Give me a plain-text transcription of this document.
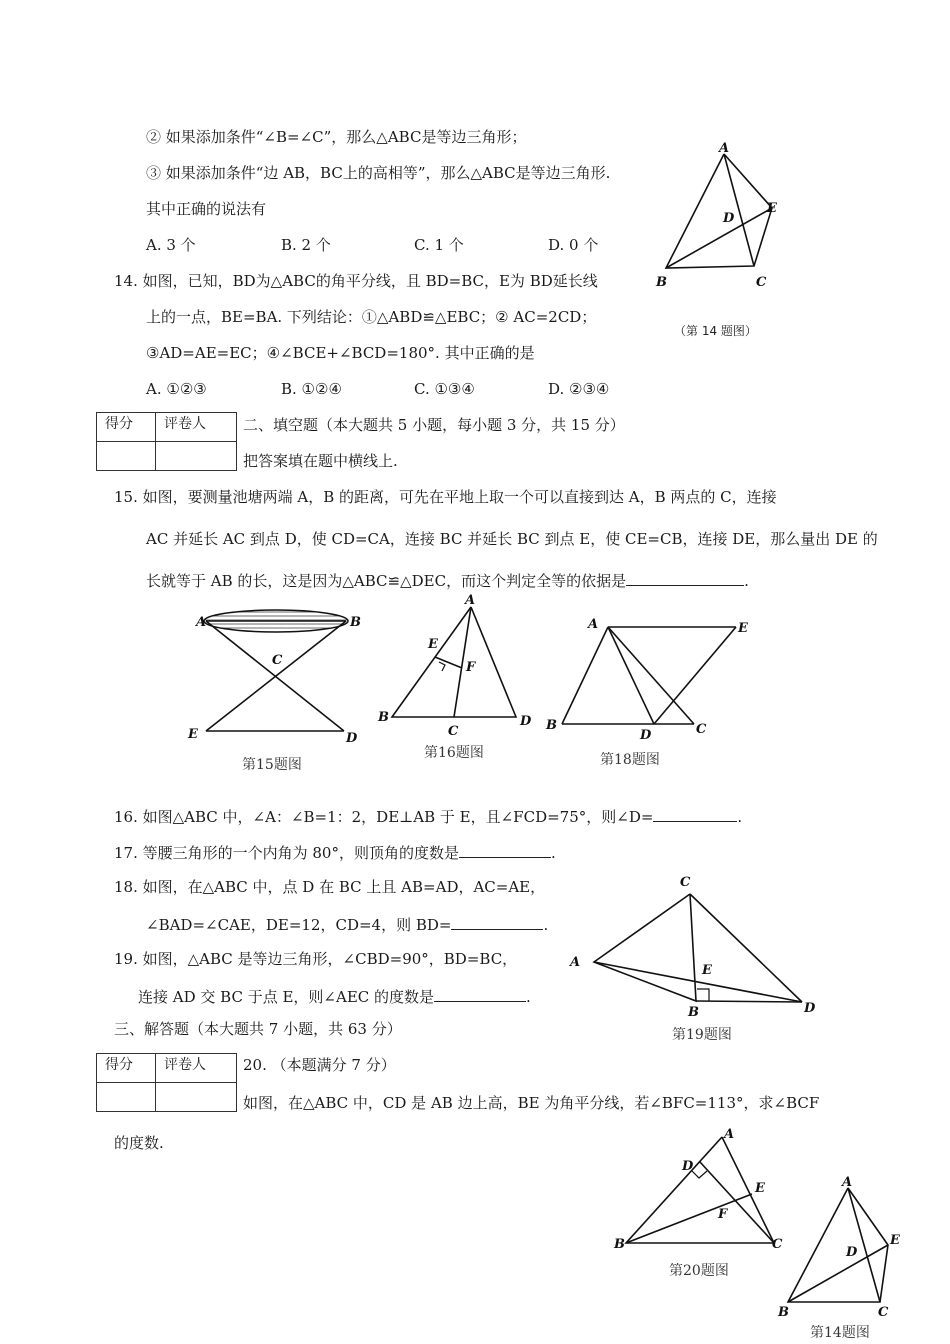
② 如果添加条件“∠B=∠C”，那么△ABC是等边三角形；
③ 如果添加条件“边 AB，BC上的高相等”，那么△ABC是等边三角形.
其中正确的说法有
A. 3 个	B. 2 个	C. 1 个	D. 0 个
14. 如图，已知，BD为△ABC的角平分线，且 BD=BC，E为 BD延长线
上的一点，BE=BA. 下列结论：①△ABD≌△EBC；② AC=2CD；
③AD=AE=EC；④∠BCE+∠BCD=180°. 其中正确的是
A. ①②③	B. ①②④	C. ①③④	D. ②③④
A
B	C
D
E
（第 14 题图）
得分	评卷人
	二、填空题（本大题共 5 小题，每小题 3 分，共 15 分）
把答案填在题中横线上.
15. 如图，要测量池塘两端 A，B 的距离，可先在平地上取一个可以直接到达 A，B 两点的 C，连接
AC 并延长 AC 到点 D，使 CD=CA，连接 BC 并延长 BC 到点 E，使 CE=CB，连接 DE，那么量出 DE 的
长就等于 AB 的长，这是因为△ABC≌△DEC，而这个判定全等的依据是	.
A	B
C
E	D
第15题图
A
B
C
D
E
F
第16题图
A	E
B
D	C
第18题图
16. 如图△ABC 中，∠A：∠B=1：2，DE⊥AB 于 E，且∠FCD=75°，则∠D=	.
17. 等腰三角形的一个内角为 80°，则顶角的度数是	.
18. 如图，在△ABC 中，点 D 在 BC 上且 AB=AD，AC=AE，
∠BAD=∠CAE，DE=12，CD=4，则 BD=	.
19. 如图，△ABC 是等边三角形，∠CBD=90°，BD=BC，
连接 AD 交 BC 于点 E，则∠AEC 的度数是	.
C
A
E
B	D
第19题图
三、解答题（本大题共 7 小题，共 63 分）
得分	评卷人
	20. （本题满分 7 分）
如图，在△ABC 中，CD 是 AB 边上高，BE 为角平分线，若∠BFC=113°，求∠BCF
的度数.	A
D
E
F
B	C
第20题图
A
B	C
D
E
第14题图
